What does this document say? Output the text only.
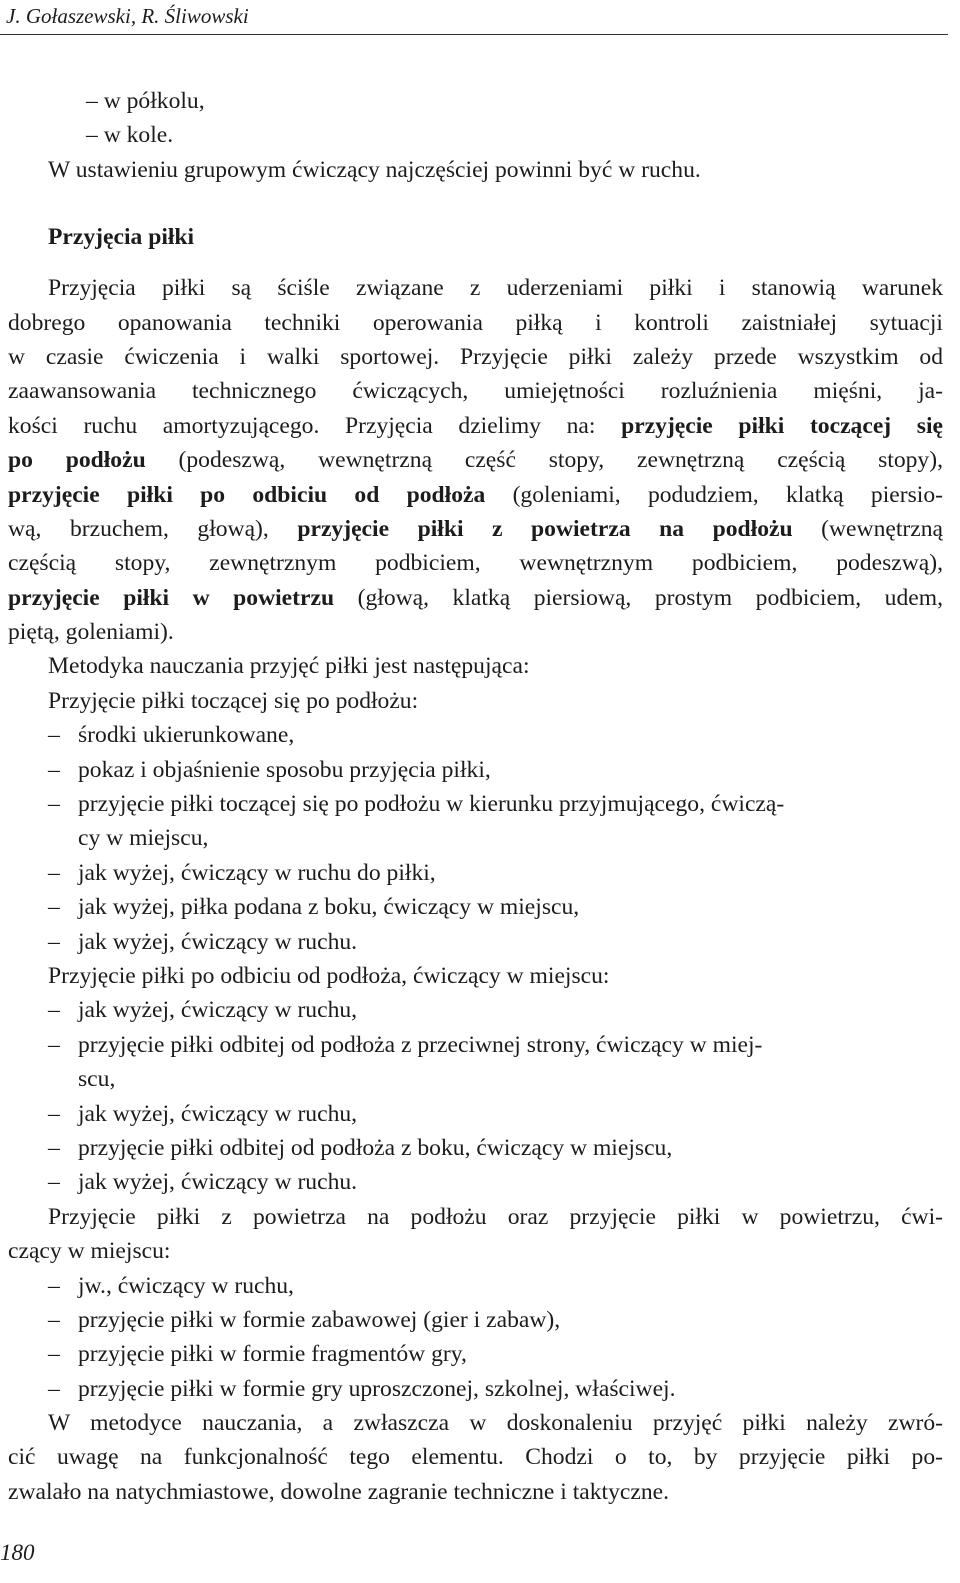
J. Gołaszewski, R. Śliwowski
– w półkolu,
– w kole.
W ustawieniu grupowym ćwiczący najczęściej powinni być w ruchu.
Przyjęcia piłki
Przyjęcia piłki są ściśle związane z uderzeniami piłki i stanowią warunek
dobrego opanowania techniki operowania piłką i kontroli zaistniałej sytuacji
w czasie ćwiczenia i walki sportowej. Przyjęcie piłki zależy przede wszystkim od
zaawansowania technicznego ćwiczących, umiejętności rozluźnienia mięśni, ja-
kości ruchu amortyzującego. Przyjęcia dzielimy na: przyjęcie piłki toczącej się
po podłożu (podeszwą, wewnętrzną część stopy, zewnętrzną częścią stopy),
przyjęcie piłki po odbiciu od podłoża (goleniami, podudziem, klatką piersio-
wą, brzuchem, głową), przyjęcie piłki z powietrza na podłożu (wewnętrzną
częścią stopy, zewnętrznym podbiciem, wewnętrznym podbiciem, podeszwą),
przyjęcie piłki w powietrzu (głową, klatką piersiową, prostym podbiciem, udem,
piętą, goleniami).
Metodyka nauczania przyjęć piłki jest następująca:
Przyjęcie piłki toczącej się po podłożu:
– środki ukierunkowane,
– pokaz i objaśnienie sposobu przyjęcia piłki,
– przyjęcie piłki toczącej się po podłożu w kierunku przyjmującego, ćwiczą-
cy w miejscu,
– jak wyżej, ćwiczący w ruchu do piłki,
– jak wyżej, piłka podana z boku, ćwiczący w miejscu,
– jak wyżej, ćwiczący w ruchu.
Przyjęcie piłki po odbiciu od podłoża, ćwiczący w miejscu:
– jak wyżej, ćwiczący w ruchu,
– przyjęcie piłki odbitej od podłoża z przeciwnej strony, ćwiczący w miej-
scu,
– jak wyżej, ćwiczący w ruchu,
– przyjęcie piłki odbitej od podłoża z boku, ćwiczący w miejscu,
– jak wyżej, ćwiczący w ruchu.
Przyjęcie piłki z powietrza na podłożu oraz przyjęcie piłki w powietrzu, ćwi-
czący w miejscu:
– jw., ćwiczący w ruchu,
– przyjęcie piłki w formie zabawowej (gier i zabaw),
– przyjęcie piłki w formie fragmentów gry,
– przyjęcie piłki w formie gry uproszczonej, szkolnej, właściwej.
W metodyce nauczania, a zwłaszcza w doskonaleniu przyjęć piłki należy zwró-
cić uwagę na funkcjonalność tego elementu. Chodzi o to, by przyjęcie piłki po-
zwalało na natychmiastowe, dowolne zagranie techniczne i taktyczne.
180
